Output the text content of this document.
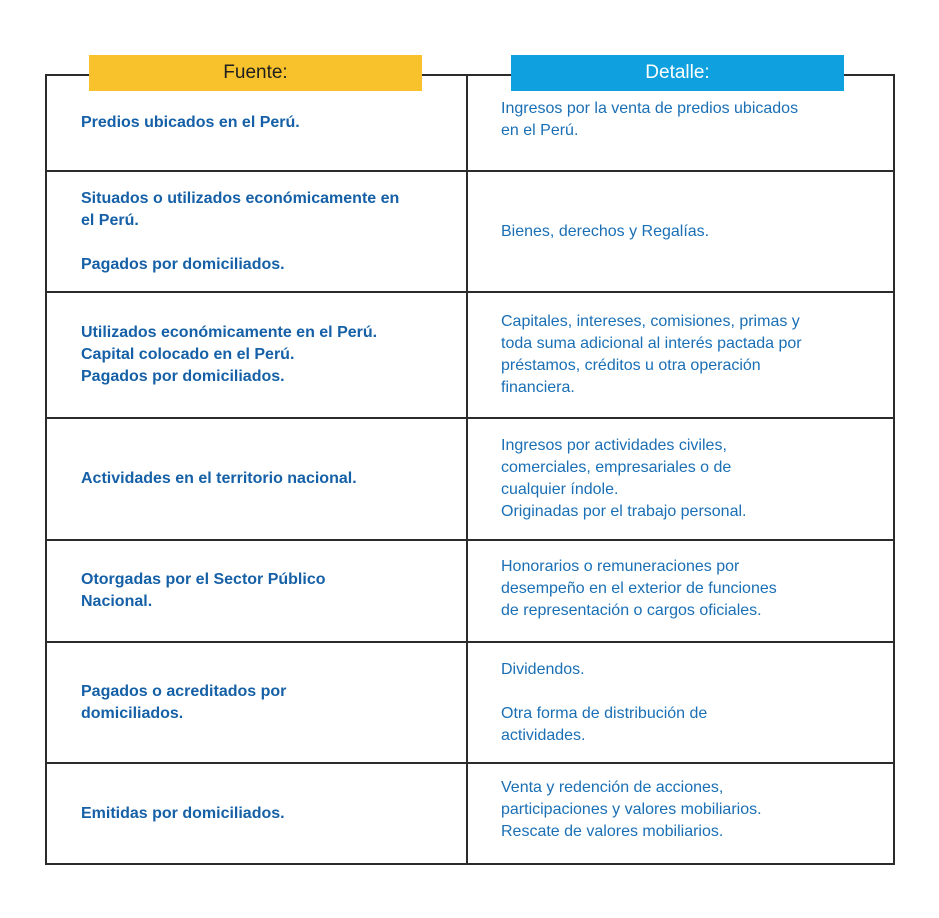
Fuente:	Detalle:
Predios ubicados en el Perú.
Ingresos por la venta de predios ubicados
en el Perú.
Situados o utilizados económicamente en
el Perú.

Pagados por domiciliados.
Bienes, derechos y Regalías.
Utilizados económicamente en el Perú.
Capital colocado en el Perú.
Pagados por domiciliados.
Capitales, intereses, comisiones, primas y
toda suma adicional al interés pactada por
préstamos, créditos u otra operación
financiera.
Actividades en el territorio nacional.
Ingresos por actividades civiles,
comerciales, empresariales o de
cualquier índole.
Originadas por el trabajo personal.
Otorgadas por el Sector Público
Nacional.
Honorarios o remuneraciones por
desempeño en el exterior de funciones
de representación o cargos oficiales.
Pagados o acreditados por
domiciliados.
Dividendos.

Otra forma de distribución de
actividades.
Emitidas por domiciliados.
Venta y redención de acciones,
participaciones y valores mobiliarios.
Rescate de valores mobiliarios.
